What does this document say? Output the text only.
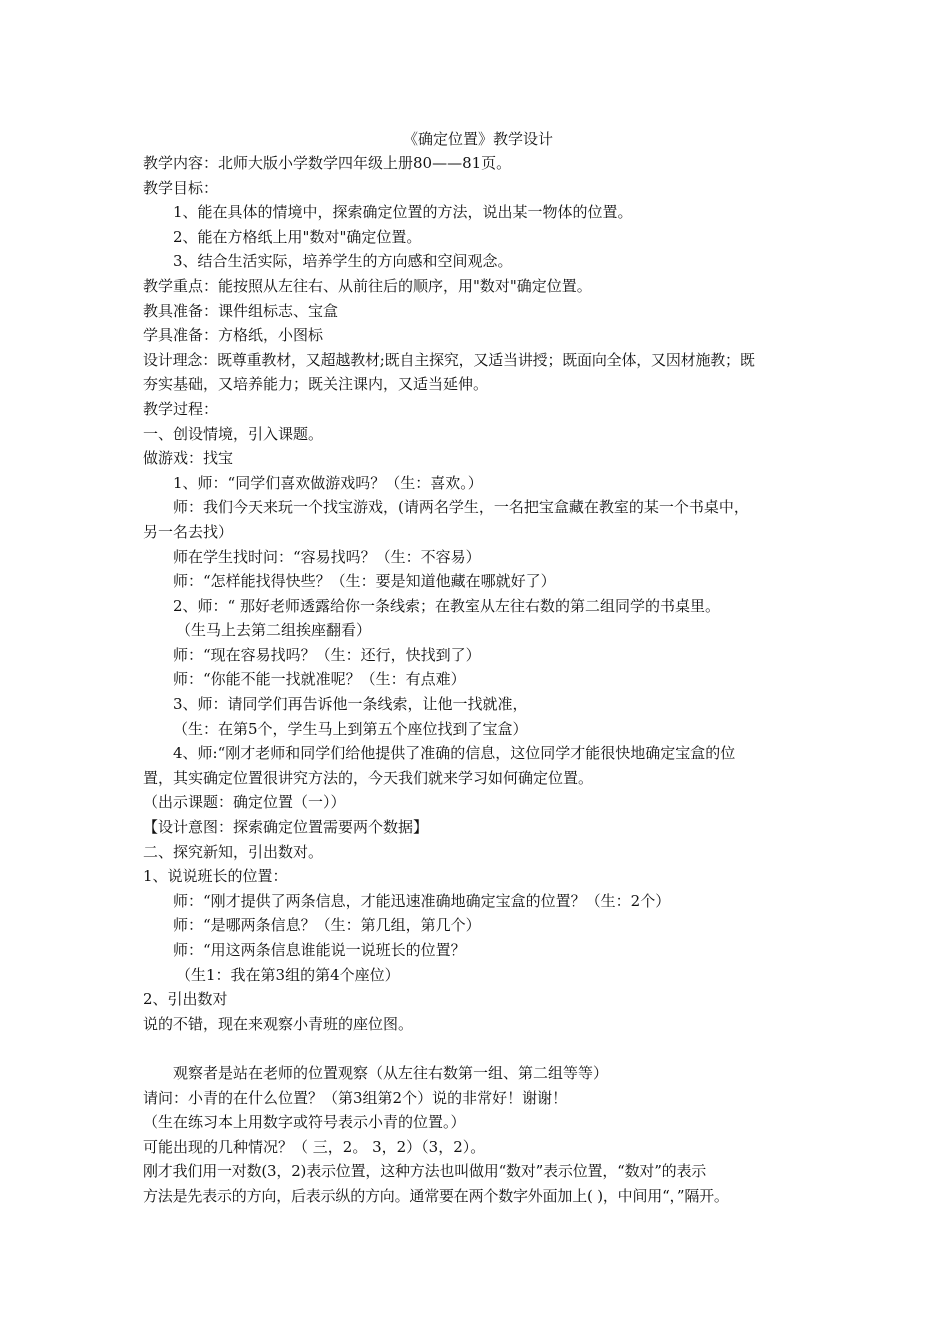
《确定位置》教学设计

教学内容：北师大版小学数学四年级上册80——81页。

教学目标：

1、能在具体的情境中，探索确定位置的方法，说出某一物体的位置。

2、能在方格纸上用"数对"确定位置。

3、结合生活实际，培养学生的方向感和空间观念。

教学重点：能按照从左往右、从前往后的顺序，用"数对"确定位置。

教具准备：课件组标志、宝盒

学具准备：方格纸，小图标

设计理念：既尊重教材，又超越教材;既自主探究，又适当讲授；既面向全体，又因材施教；既

夯实基础，又培养能力；既关注课内，又适当延伸。

教学过程：

一、创设情境，引入课题。

做游戏：找宝

1、师：“同学们喜欢做游戏吗？（生：喜欢。）

师：我们今天来玩一个找宝游戏，(请两名学生，一名把宝盒藏在教室的某一个书桌中，

另一名去找）

师在学生找时问：“容易找吗？（生：不容易）

师：“怎样能找得快些？（生：要是知道他藏在哪就好了）

2、师：“ 那好老师透露给你一条线索；在教室从左往右数的第二组同学的书桌里。

（生马上去第二组挨座翻看）

师：“现在容易找吗？（生：还行，快找到了）

师：“你能不能一找就准呢？（生：有点难）

3、师：请同学们再告诉他一条线索，让他一找就准，

（生：在第5个，学生马上到第五个座位找到了宝盒）

4、师:“刚才老师和同学们给他提供了准确的信息，这位同学才能很快地确定宝盒的位

置，其实确定位置很讲究方法的，今天我们就来学习如何确定位置。

（出示课题：确定位置（一））

【设计意图：探索确定位置需要两个数据】

二、探究新知，引出数对。

1、说说班长的位置：

师：“刚才提供了两条信息，才能迅速准确地确定宝盒的位置？（生：2个）

师：“是哪两条信息？（生：第几组，第几个）

师：“用这两条信息谁能说一说班长的位置？

（生1：我在第3组的第4个座位）

2、引出数对

说的不错，现在来观察小青班的座位图。

观察者是站在老师的位置观察（从左往右数第一组、第二组等等）

请问：小青的在什么位置？（第3组第2个）说的非常好！谢谢！

（生在练习本上用数字或符号表示小青的位置。）

可能出现的几种情况？（ 三，2。 3，2）（3，2）。

刚才我们用一对数(3，2)表示位置，这种方法也叫做用“数对”表示位置，“数对”的表示

方法是先表示的方向，后表示纵的方向。通常要在两个数字外面加上( )，中间用“，”隔开。
